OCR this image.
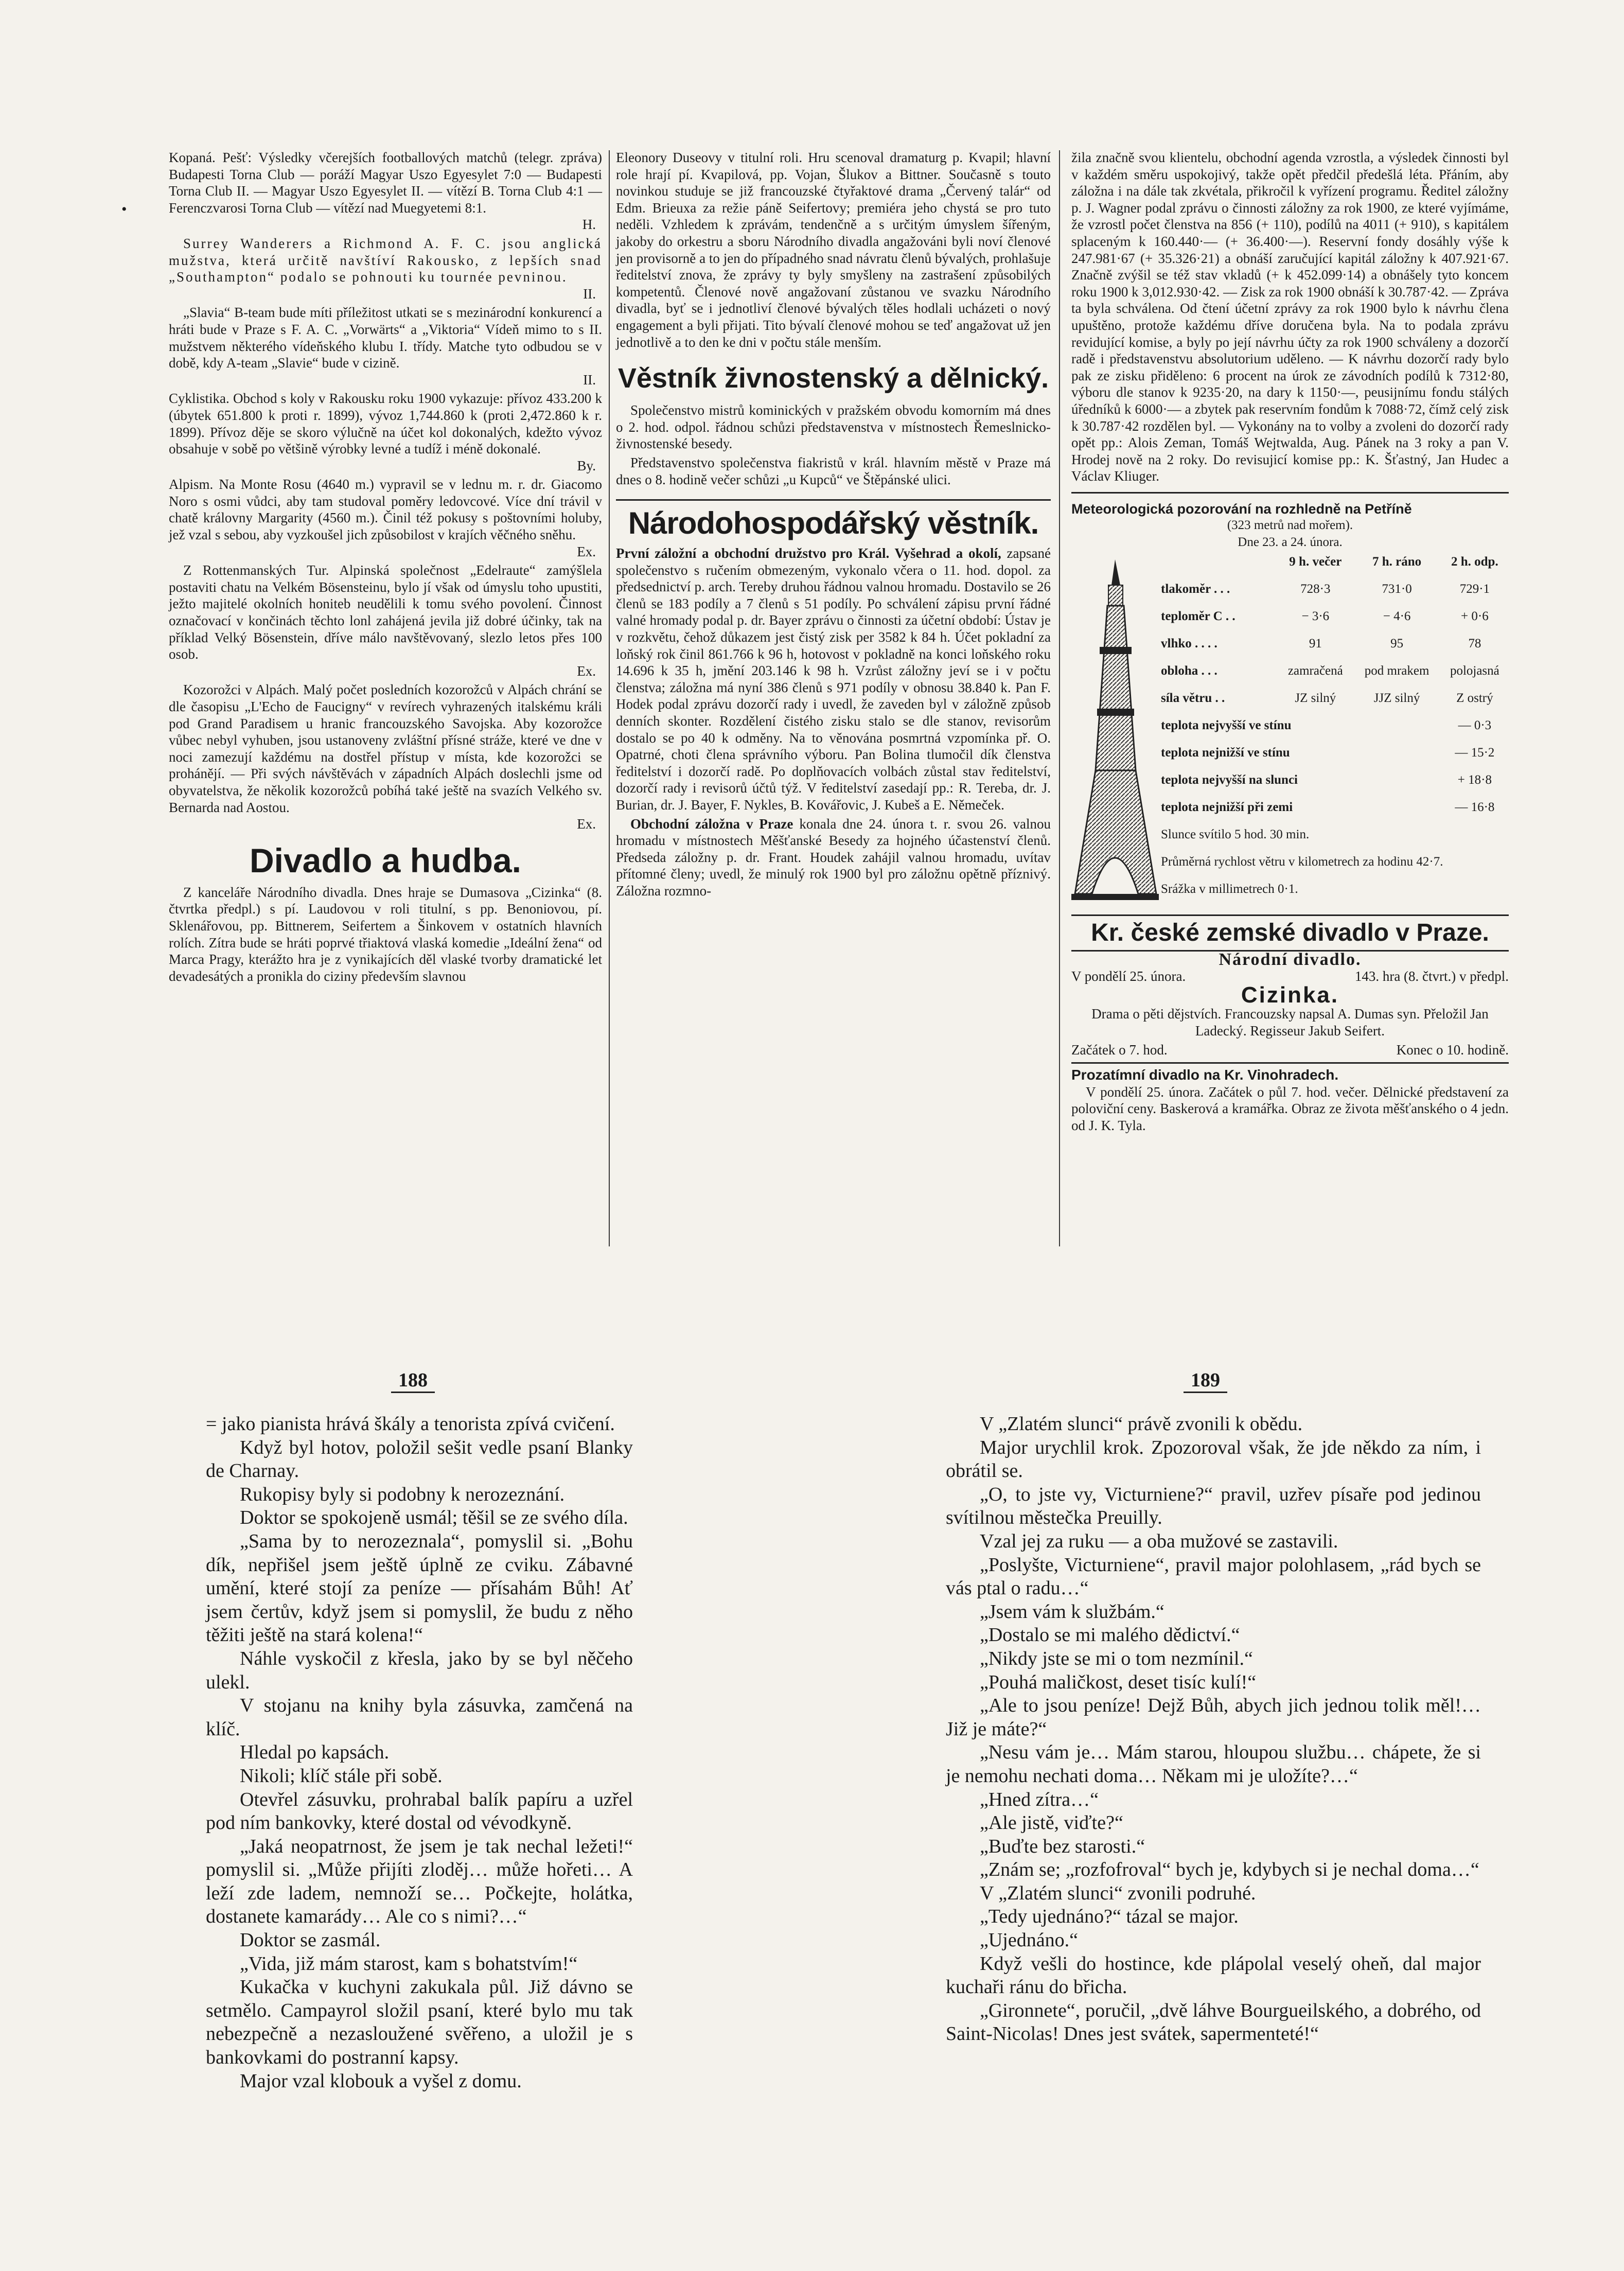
•

Kopaná. Pešť: Výsledky včerejších footballových matchů (telegr. zpráva) Budapesti Torna Club — poráží Magyar Uszo Egyesylet 7:0 — Budapesti Torna Club II. — Magyar Uszo Egyesylet II. — vítězí B. Torna Club 4:1 — Ferenczvarosi Torna Club — vítězí nad Muegyetemi 8:1.
H.

Surrey Wanderers a Richmond A. F. C. jsou anglická mužstva, která určitě navštíví Rakousko, z lepších snad „Southampton“ podalo se pohnouti ku tournée pevninou.
II.

„Slavia“ B-team bude míti příležitost utkati se s mezinárodní konkurencí a hráti bude v Praze s F. A. C. „Vorwärts“ a „Viktoria“ Vídeň mimo to s II. mužstvem některého vídeňského klubu I. třídy. Matche tyto odbudou se v době, kdy A-team „Slavie“ bude v cizině.
II.

Cyklistika. Obchod s koly v Rakousku roku 1900 vykazuje: přívoz 433.200 k (úbytek 651.800 k proti r. 1899), vývoz 1,744.860 k (proti 2,472.860 k r. 1899). Přívoz děje se skoro výlučně na účet kol dokonalých, kdežto vývoz obsahuje v sobě po většině výrobky levné a tudíž i méně dokonalé.
By.

Alpism. Na Monte Rosu (4640 m.) vypravil se v lednu m. r. dr. Giacomo Noro s osmi vůdci, aby tam studoval poměry ledovcové. Více dní trávil v chatě královny Margarity (4560 m.). Činil též pokusy s poštovními holuby, jež vzal s sebou, aby vyzkoušel jich způsobilost v krajích věčného sněhu.
Ex.

Z Rottenmanských Tur. Alpinská společnost „Edelraute“ zamýšlela postaviti chatu na Velkém Bösensteinu, bylo jí však od úmyslu toho upustiti, ježto majitelé okolních honiteb neudělili k tomu svého povolení. Činnost označovací v končinách těchto lonl zahájená jevila již dobré účinky, tak na příklad Velký Bösenstein, dříve málo navštěvovaný, slezlo letos přes 100 osob.
Ex.

Kozorožci v Alpách. Malý počet posledních kozorožců v Alpách chrání se dle časopisu „L'Echo de Faucigny“ v revírech vyhrazených italskému králi pod Grand Paradisem u hranic francouzského Savojska. Aby kozorožce vůbec nebyl vyhuben, jsou ustanoveny zvláštní přísné stráže, které ve dne v noci zamezují každému na dostřel přístup v místa, kde kozorožci se prohánějí. — Při svých návštěvách v západních Alpách doslechli jsme od obyvatelstva, že několik kozorožců pobíhá také ještě na svazích Velkého sv. Bernarda nad Aostou.
Ex.

Divadlo a hudba.

Z kanceláře Národního divadla. Dnes hraje se Dumasova „Cizinka“ (8. čtvrtka předpl.) s pí. Laudovou v roli titulní, s pp. Benoniovou, pí. Sklenářovou, pp. Bittnerem, Seifertem a Šinkovem v ostatních hlavních rolích. Zítra bude se hráti poprvé třiaktová vlaská komedie „Ideální žena“ od Marca Pragy, kterážto hra je z vynikajících děl vlaské tvorby dramatické let devadesátých a pronikla do ciziny především slavnou

Eleonory Duseovy v titulní roli. Hru scenoval dramaturg p. Kvapil; hlavní role hrají pí. Kvapilová, pp. Vojan, Šlukov a Bittner. Současně s touto novinkou studuje se již francouzské čtyřaktové drama „Červený talár“ od Edm. Brieuxa za režie páně Seifertovy; premiéra jeho chystá se pro tuto neděli. Vzhledem k zprávám, tendenčně a s určitým úmyslem šířeným, jakoby do orkestru a sboru Národního divadla angažováni byli noví členové jen provisorně a to jen do případného snad návratu členů bývalých, prohlašuje ředitelství znova, že zprávy ty byly smyšleny na zastrašení způsobilých kompetentů. Členové nově angažovaní zůstanou ve svazku Národního divadla, byť se i jednotliví členové bývalých těles hodlali ucházeti o nový engagement a byli přijati. Tito bývalí členové mohou se teď angažovat už jen jednotlivě a to den ke dni v počtu stále menším.

Věstník živnostenský a dělnický.

Společenstvo mistrů kominických v pražském obvodu komorním má dnes o 2. hod. odpol. řádnou schůzi představenstva v místnostech Řemeslnicko-živnostenské besedy.

Představenstvo společenstva fiakristů v král. hlavním městě v Praze má dnes o 8. hodině večer schůzi „u Kupců“ ve Štěpánské ulici.

Národohospodářský věstník.

První záložní a obchodní družstvo pro Král. Vyšehrad a okolí, zapsané společenstvo s ručením obmezeným, vykonalo včera o 11. hod. dopol. za předsednictví p. arch. Tereby druhou řádnou valnou hromadu. Dostavilo se 26 členů se 183 podíly a 7 členů s 51 podíly. Po schválení zápisu první řádné valné hromady podal p. dr. Bayer zprávu o činnosti za účetní období: Ústav je v rozkvětu, čehož důkazem jest čistý zisk per 3582 k 84 h. Účet pokladní za loňský rok činil 861.766 k 96 h, hotovost v pokladně na konci loňského roku 14.696 k 35 h, jmění 203.146 k 98 h. Vzrůst záložny jeví se i v počtu členstva; záložna má nyní 386 členů s 971 podíly v obnosu 38.840 k. Pan F. Hodek podal zprávu dozorčí rady i uvedl, že zaveden byl v záložně způsob denních skonter. Rozdělení čistého zisku stalo se dle stanov, revisorům dostalo se po 40 k odměny. Na to věnována posmrtná vzpomínka př. O. Opatrné, choti člena správního výboru. Pan Bolina tlumočil dík členstva ředitelství i dozorčí radě. Po doplňovacích volbách zůstal stav ředitelství, dozorčí rady i revisorů účtů týž. V ředitelství zasedají pp.: R. Tereba, dr. J. Burian, dr. J. Bayer, F. Nykles, B. Kovářovic, J. Kubeš a E. Němeček.

Obchodní záložna v Praze konala dne 24. února t. r. svou 26. valnou hromadu v místnostech Měšťanské Besedy za hojného účastenství členů. Předseda záložny p. dr. Frant. Houdek zahájil valnou hromadu, uvítav přítomné členy; uvedl, že minulý rok 1900 byl pro záložnu opětně příznivý. Záložna rozmno-

žila značně svou klientelu, obchodní agenda vzrostla, a výsledek činnosti byl v každém směru uspokojivý, takže opět předčil předešlá léta. Přáním, aby záložna i na dále tak zkvétala, přikročil k vyřízení programu. Ředitel záložny p. J. Wagner podal zprávu o činnosti záložny za rok 1900, ze které vyjímáme, že vzrostl počet členstva na 856 (+ 110), podílů na 4011 (+ 910), s kapitálem splaceným k 160.440·— (+ 36.400·—). Reservní fondy dosáhly výše k 247.981·67 (+ 35.326·21) a obnáší zaručující kapitál záložny k 407.921·67. Značně zvýšil se též stav vkladů (+ k 452.099·14) a obnášely tyto koncem roku 1900 k 3,012.930·42. — Zisk za rok 1900 obnáší k 30.787·42. — Zpráva ta byla schválena. Od čtení účetní zprávy za rok 1900 bylo k návrhu člena upuštěno, protože každému dříve doručena byla. Na to podala zprávu revidující komise, a byly po její návrhu účty za rok 1900 schváleny a dozorčí radě i představenstvu absolutorium uděleno. — K návrhu dozorčí rady bylo pak ze zisku přiděleno: 6 procent na úrok ze závodních podílů k 7312·80, výboru dle stanov k 9235·20, na dary k 1150·—, peusijnímu fondu stálých úředníků k 6000·— a zbytek pak reservním fondům k 7088·72, čímž celý zisk k 30.787·42 rozdělen byl. — Vykonány na to volby a zvoleni do dozorčí rady opět pp.: Alois Zeman, Tomáš Wejtwalda, Aug. Pánek na 3 roky a pan V. Hrodej nově na 2 roky. Do revisujicí komise pp.: K. Šťastný, Jan Hudec a Václav Kliuger.

Meteorologická pozorování na rozhledně na Petříně
(323 metrů nad mořem).
Dne 23. a 24. února.
	9 h. večer	7 h. ráno	2 h. odp.
tlakoměr . . .	728·3	731·0	729·1
teploměr C . .	− 3·6	− 4·6	+ 0·6
vlhko . . . .	91	95	78
obloha . . .	zamračená	pod mrakem	polojasná
síla větru . .	JZ silný	JJZ silný	Z ostrý
teplota nejvyšší ve stínu			— 0·3
teplota nejnižší ve stínu			— 15·2
teplota nejvyšší na slunci			+ 18·8
teplota nejnižší při zemi			— 16·8
Slunce svítilo 5 hod. 30 min.			
Průměrná rychlost větru v kilometrech za hodinu 42·7.			
Srážka v millimetrech 0·1.			
Kr. české zemské divadlo v Praze.
Národní divadlo.
V pondělí 25. února.	143. hra (8. čtvrt.) v předpl.
Cizinka.

Drama o pěti dějstvích. Francouzsky napsal A. Dumas syn. Přeložil Jan Ladecký. Regisseur Jakub Seifert.

Začátek o 7. hod.	Konec o 10. hodině.
Prozatímní divadlo na Kr. Vinohradech.

V pondělí 25. února. Začátek o půl 7. hod. večer. Dělnické představení za poloviční ceny. Baskerová a kramářka. Obraz ze života měšťanského o 4 jedn. od J. K. Tyla.

188	189

= jako pianista hrává škály a tenorista zpívá cvičení.

Když byl hotov, položil sešit vedle psaní Blanky de Charnay.

Rukopisy byly si podobny k nerozeznání.

Doktor se spokojeně usmál; těšil se ze svého díla.

„Sama by to nerozeznala“, pomyslil si. „Bohu dík, nepřišel jsem ještě úplně ze cviku. Zábavné umění, které stojí za peníze — přísahám Bůh! Ať jsem čertův, když jsem si pomyslil, že budu z něho těžiti ještě na stará kolena!“

Náhle vyskočil z křesla, jako by se byl něčeho ulekl.

V stojanu na knihy byla zásuvka, zamčená na klíč.

Hledal po kapsách.

Nikoli; klíč stále při sobě.

Otevřel zásuvku, prohrabal balík papíru a uzřel pod ním bankovky, které dostal od vévodkyně.

„Jaká neopatrnost, že jsem je tak nechal ležeti!“ pomyslil si. „Může přijíti zloděj… může hořeti… A leží zde ladem, nemnoží se… Počkejte, holátka, dostanete kamarády… Ale co s nimi?…“

Doktor se zasmál.

„Vida, již mám starost, kam s bohatstvím!“

Kukačka v kuchyni zakukala půl. Již dávno se setmělo. Campayrol složil psaní, které bylo mu tak nebezpečně a nezasloužené svěřeno, a uložil je s bankovkami do postranní kapsy.

Major vzal klobouk a vyšel z domu.

V „Zlatém slunci“ právě zvonili k obědu.

Major urychlil krok. Zpozoroval však, že jde někdo za ním, i obrátil se.

„O, to jste vy, Victurniene?“ pravil, uzřev písaře pod jedinou svítilnou městečka Preuilly.

Vzal jej za ruku — a oba mužové se zastavili.

„Poslyšte, Victurniene“, pravil major polohlasem, „rád bych se vás ptal o radu…“

„Jsem vám k službám.“

„Dostalo se mi malého dědictví.“

„Nikdy jste se mi o tom nezmínil.“

„Pouhá maličkost, deset tisíc kulí!“

„Ale to jsou peníze! Dejž Bůh, abych jich jednou tolik měl!… Již je máte?“

„Nesu vám je… Mám starou, hloupou službu… chápete, že si je nemohu nechati doma… Někam mi je uložíte?…“

„Hned zítra…“

„Ale jistě, viďte?“

„Buďte bez starosti.“

„Znám se; „rozfofroval“ bych je, kdybych si je nechal doma…“

V „Zlatém slunci“ zvonili podruhé.

„Tedy ujednáno?“ tázal se major.

„Ujednáno.“

Když vešli do hostince, kde plápolal veselý oheň, dal major kuchaři ránu do břicha.

„Gironnete“, poručil, „dvě láhve Bourgueilského, a dobrého, od Saint-Nicolas! Dnes jest svátek, sapermenteté!“
